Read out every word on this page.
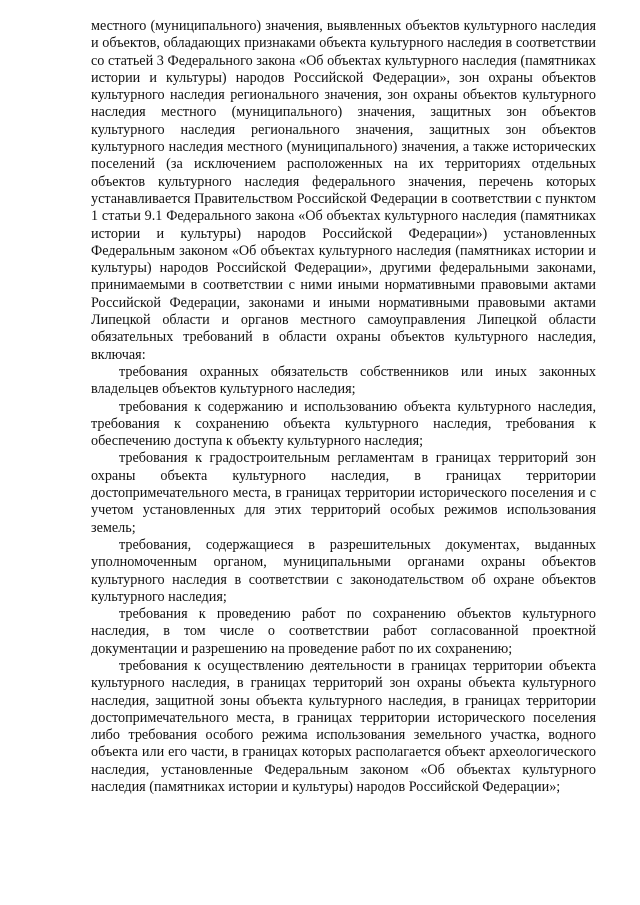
местного (муниципального) значения, выявленных объектов культурного наследия и объектов, обладающих признаками объекта культурного наследия в соответствии со статьей 3 Федерального закона «Об объектах культурного наследия (памятниках истории и культуры) народов Российской Федерации», зон охраны объектов культурного наследия регионального значения, зон охраны объектов культурного наследия местного (муниципального) значения, защитных зон объектов культурного наследия регионального значения, защитных зон объектов культурного наследия местного (муниципального) значения, а также исторических поселений (за исключением расположенных на их территориях отдельных объектов культурного наследия федерального значения, перечень которых устанавливается Правительством Российской Федерации в соответствии с пунктом 1 статьи 9.1 Федерального закона «Об объектах культурного наследия (памятниках истории и культуры) народов Российской Федерации») установленных Федеральным законом «Об объектах культурного наследия (памятниках истории и культуры) народов Российской Федерации», другими федеральными законами, принимаемыми в соответствии с ними иными нормативными правовыми актами Российской Федерации, законами и иными нормативными правовыми актами Липецкой области и органов местного самоуправления Липецкой области обязательных требований в области охраны объектов культурного наследия, включая:

требования охранных обязательств собственников или иных законных владельцев объектов культурного наследия;

требования к содержанию и использованию объекта культурного наследия, требования к сохранению объекта культурного наследия, требования к обеспечению доступа к объекту культурного наследия;

требования к градостроительным регламентам в границах территорий зон охраны объекта культурного наследия, в границах территории достопримечательного места, в границах территории исторического поселения и с учетом установленных для этих территорий особых режимов использования земель;

требования, содержащиеся в разрешительных документах, выданных уполномоченным органом, муниципальными органами охраны объектов культурного наследия в соответствии с законодательством об охране объектов культурного наследия;

требования к проведению работ по сохранению объектов культурного наследия, в том числе о соответствии работ согласованной проектной документации и разрешению на проведение работ по их сохранению;

требования к осуществлению деятельности в границах территории объекта культурного наследия, в границах территорий зон охраны объекта культурного наследия, защитной зоны объекта культурного наследия, в границах территории достопримечательного места, в границах территории исторического поселения либо требования особого режима использования земельного участка, водного объекта или его части, в границах которых располагается объект археологического наследия, установленные Федеральным законом «Об объектах культурного наследия (памятниках истории и культуры) народов Российской Федерации»;
